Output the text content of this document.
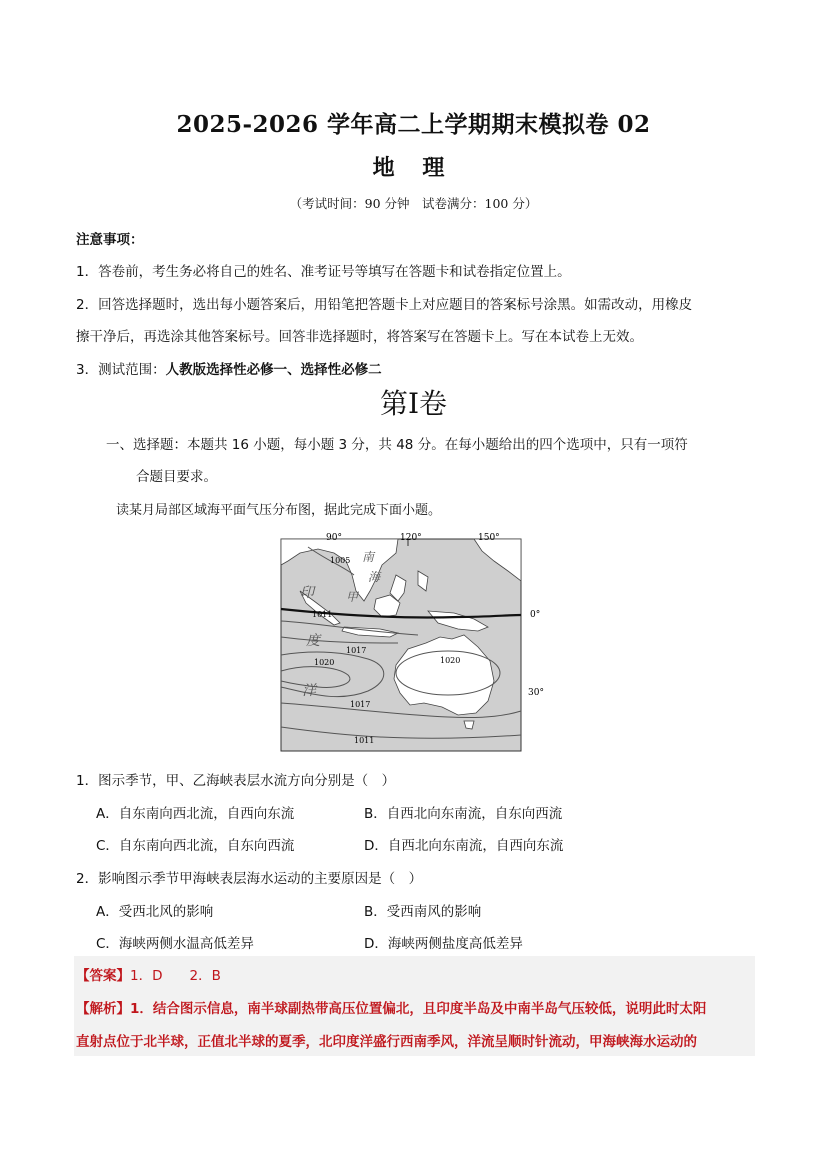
2025-2026 学年高二上学期期末模拟卷 02
地 理
（考试时间：90 分钟　试卷满分：100 分）
注意事项：
1．答卷前，考生务必将自己的姓名、准考证号等填写在答题卡和试卷指定位置上。
2．回答选择题时，选出每小题答案后，用铅笔把答题卡上对应题目的答案标号涂黑。如需改动，用橡皮
擦干净后，再选涂其他答案标号。回答非选择题时，将答案写在答题卡上。写在本试卷上无效。
3．测试范围：人教版选择性必修一、选择性必修二
第Ⅰ卷
一、选择题：本题共 16 小题，每小题 3 分，共 48 分。在每小题给出的四个选项中，只有一项符
合题目要求。
读某月局部区域海平面气压分布图，据此完成下面小题。
90°	120°	150°
0°
30°
1005
1011
1017
1020	1020
1017
1011
印
度
洋
南
海
甲
1．图示季节，甲、乙海峡表层水流方向分别是（　）
A．自东南向西北流，自西向东流	B．自西北向东南流，自东向西流
C．自东南向西北流，自东向西流	D．自西北向东南流，自西向东流
2．影响图示季节甲海峡表层海水运动的主要原因是（　）
A．受西北风的影响	B．受西南风的影响
C．海峡两侧水温高低差异	D．海峡两侧盐度高低差异
【答案】1．D　　2．B
【解析】1．结合图示信息，南半球副热带高压位置偏北，且印度半岛及中南半岛气压较低，说明此时太阳
直射点位于北半球，正值北半球的夏季，北印度洋盛行西南季风，洋流呈顺时针流动，甲海峡海水运动的
